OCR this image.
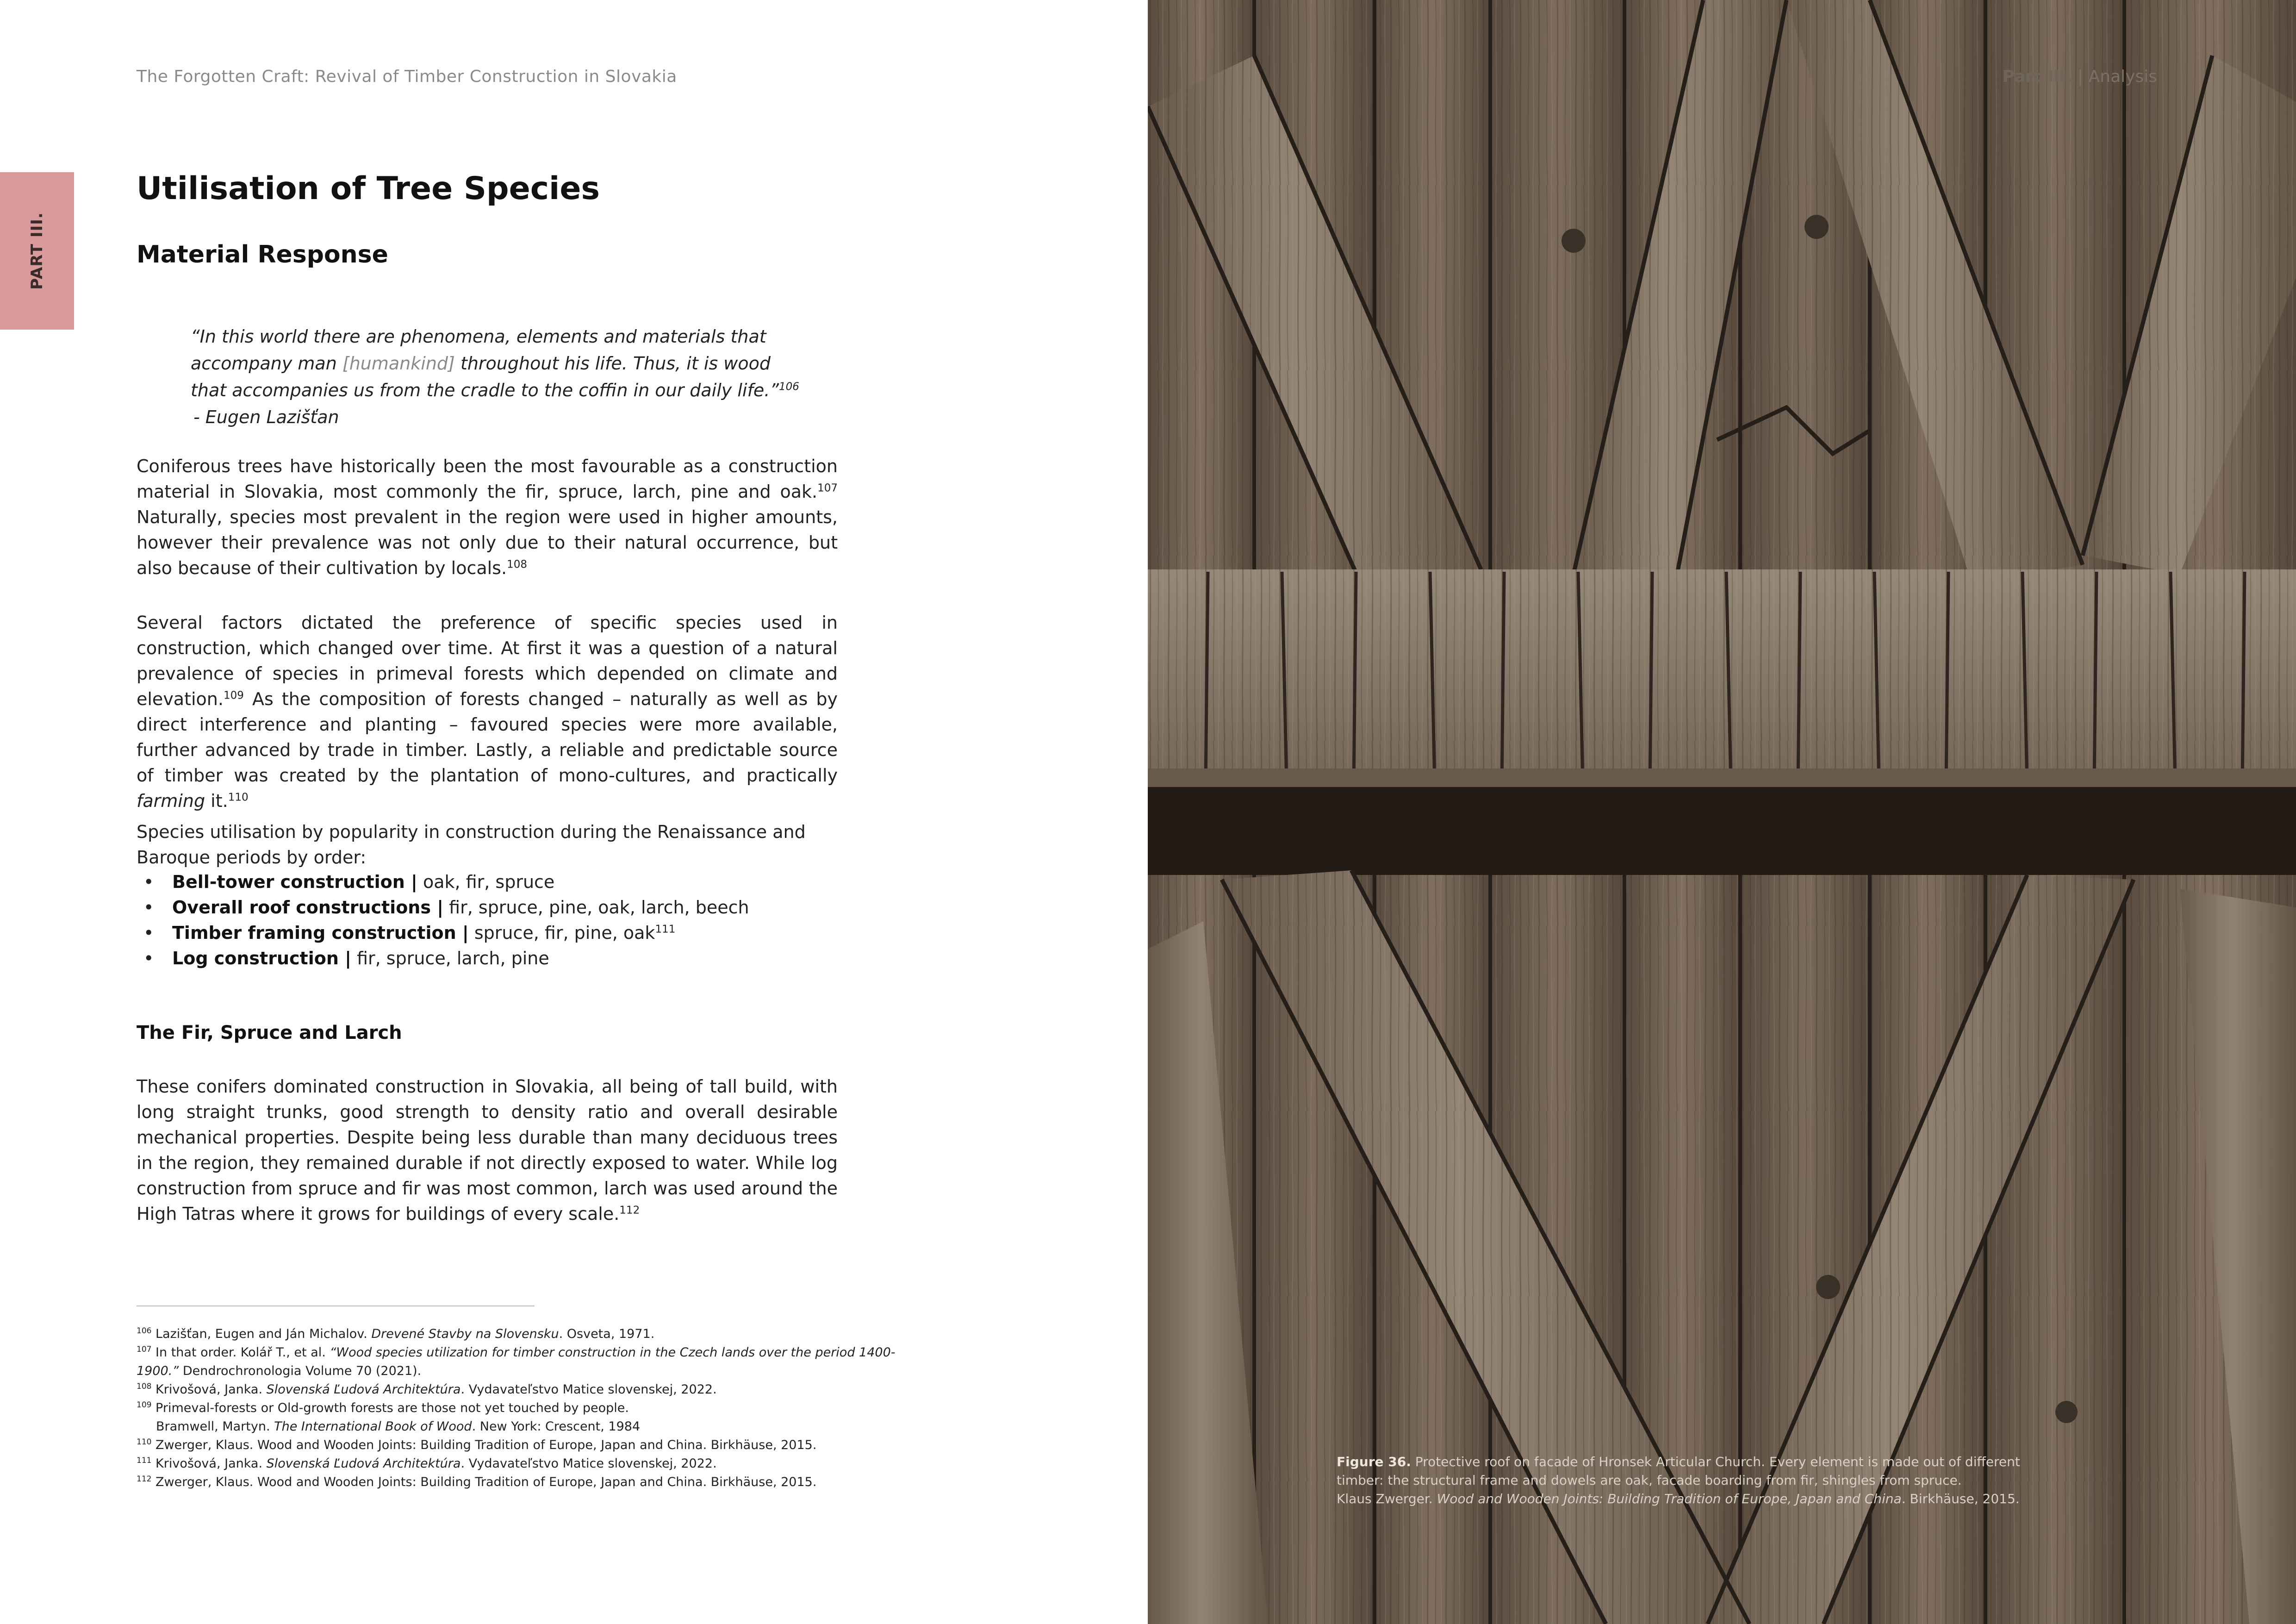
The Forgotten Craft: Revival of Timber Construction in Slovakia
PART III.
Utilisation of Tree Species
Material Response
“In this world there are phenomena, elements and materials that accompany man [humankind] throughout his life. Thus, it is wood that accompanies us from the cradle to the coffin in our daily life.”$^{106}$
- Eugen Lazišťan
Coniferous trees have historically been the most favourable as a construction material in Slovakia, most commonly the fir, spruce, larch, pine and oak.$^{107}$ Naturally, species most prevalent in the region were used in higher amounts, however their prevalence was not only due to their natural occurrence, but also because of their cultivation by locals.$^{108}$
Several factors dictated the preference of specific species used in construction, which changed over time. At first it was a question of a natural prevalence of species in primeval forests which depended on climate and elevation.$^{109}$ As the composition of forests changed – naturally as well as by direct interference and planting – favoured species were more available, further advanced by trade in timber. Lastly, a reliable and predictable source of timber was created by the plantation of mono-cultures, and practically farming it.$^{110}$
Species utilisation by popularity in construction during the Renaissance and Baroque periods by order:
• Bell-tower construction | oak, fir, spruce
• Overall roof constructions | fir, spruce, pine, oak, larch, beech
• Timber framing construction | spruce, fir, pine, oak$^{111}$
• Log construction | fir, spruce, larch, pine
The Fir, Spruce and Larch
These conifers dominated construction in Slovakia, all being of tall build, with long straight trunks, good strength to density ratio and overall desirable mechanical properties. Despite being less durable than many deciduous trees in the region, they remained durable if not directly exposed to water. While log construction from spruce and fir was most common, larch was used around the High Tatras where it grows for buildings of every scale.$^{112}$
$^{106}$ Lazišťan, Eugen and Ján Michalov. Drevené Stavby na Slovensku. Osveta, 1971.
$^{107}$ In that order. Kolář T., et al. “Wood species utilization for timber construction in the Czech lands over the period 1400-
1900.” Dendrochronologia Volume 70 (2021).
$^{108}$ Krivošová, Janka. Slovenská Ľudová Architektúra. Vydavateľstvo Matice slovenskej, 2022.
$^{109}$ Primeval-forests or Old-growth forests are those not yet touched by people.
Bramwell, Martyn. The International Book of Wood. New York: Crescent, 1984
$^{110}$ Zwerger, Klaus. Wood and Wooden Joints: Building Tradition of Europe, Japan and China. Birkhäuse, 2015.
$^{111}$ Krivošová, Janka. Slovenská Ľudová Architektúra. Vydavateľstvo Matice slovenskej, 2022.
$^{112}$ Zwerger, Klaus. Wood and Wooden Joints: Building Tradition of Europe, Japan and China. Birkhäuse, 2015.
Part III. | Analysis
Figure 36. Protective roof on facade of Hronsek Articular Church. Every element is made out of different
timber: the structural frame and dowels are oak, facade boarding from fir, shingles from spruce.
Klaus Zwerger. Wood and Wooden Joints: Building Tradition of Europe, Japan and China. Birkhäuse, 2015.
